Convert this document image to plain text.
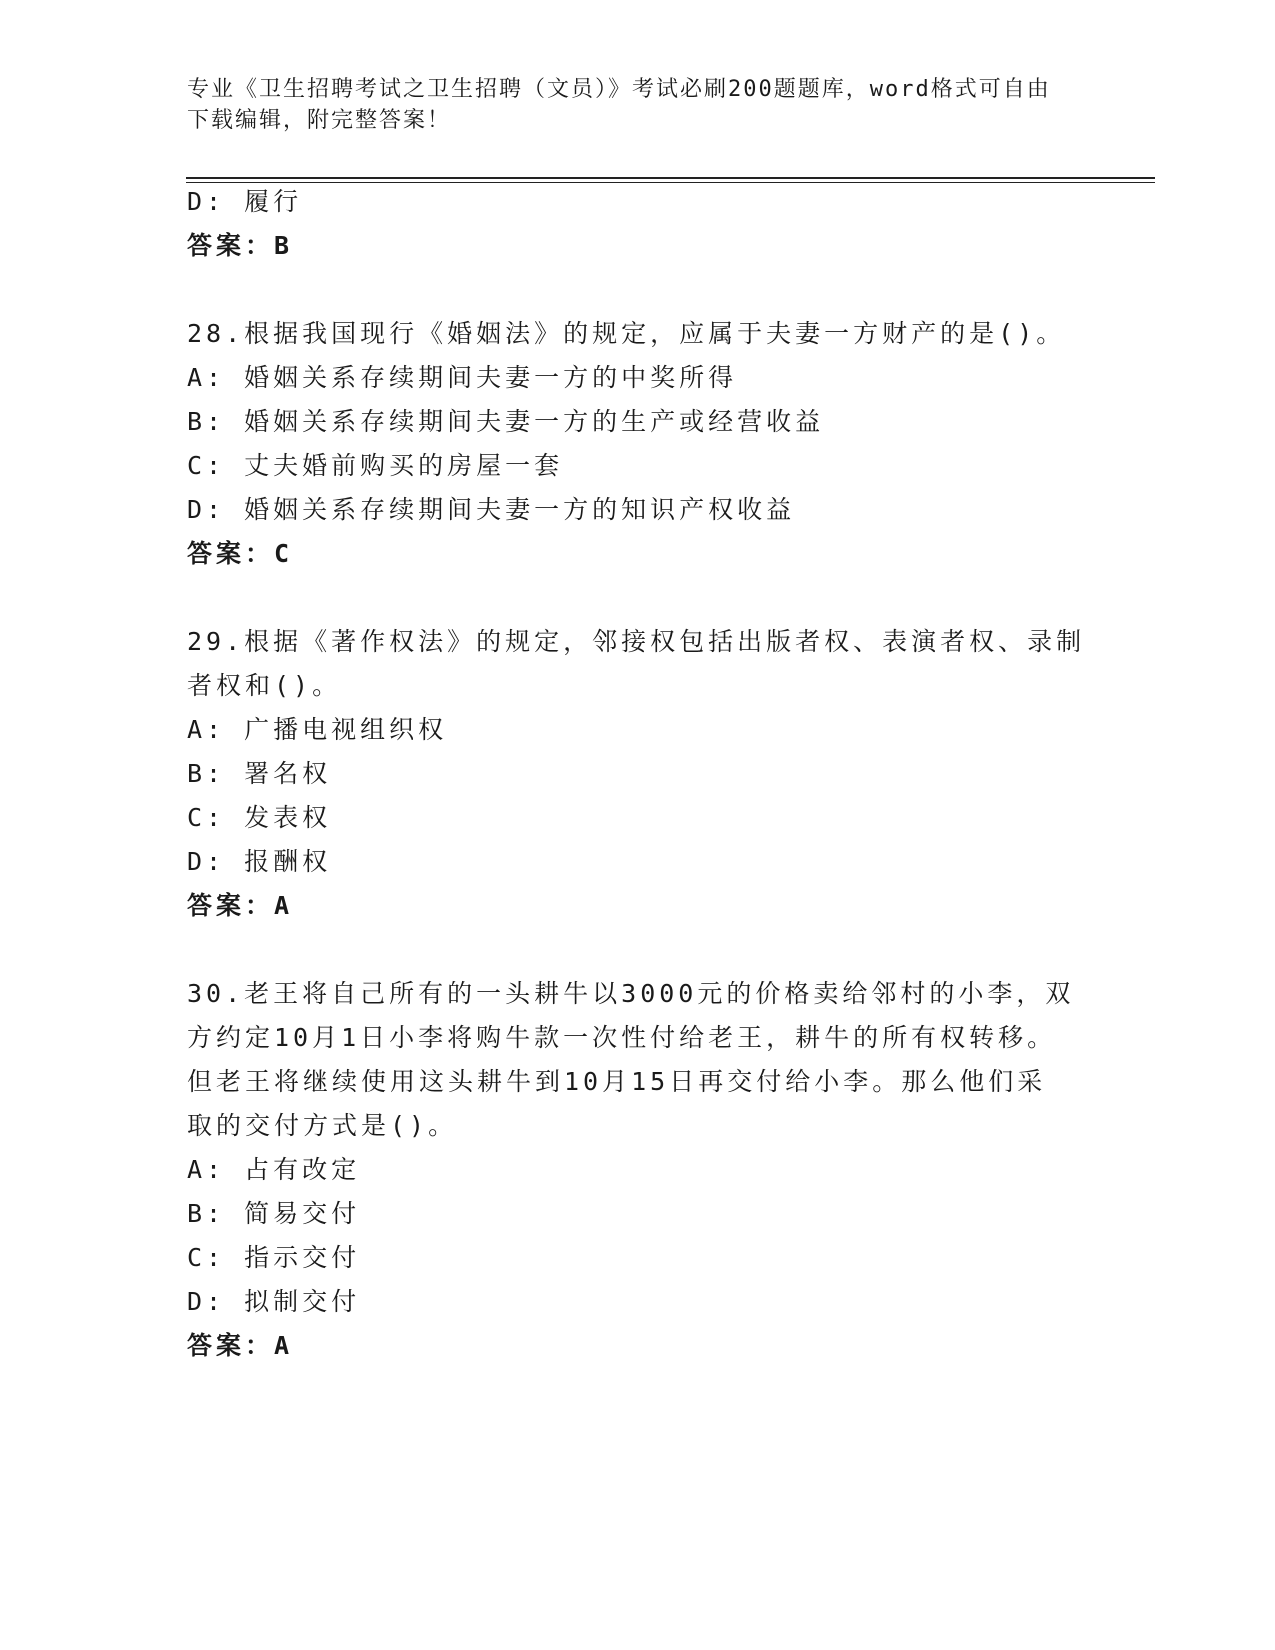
专业《卫生招聘考试之卫生招聘（文员）》考试必刷200题题库，word格式可自由下载编辑，附完整答案！
D: 履行
答案：B
28.根据我国现行《婚姻法》的规定，应属于夫妻一方财产的是()。
A: 婚姻关系存续期间夫妻一方的中奖所得
B: 婚姻关系存续期间夫妻一方的生产或经营收益
C: 丈夫婚前购买的房屋一套
D: 婚姻关系存续期间夫妻一方的知识产权收益
答案：C
29.根据《著作权法》的规定，邻接权包括出版者权、表演者权、录制
者权和()。
A: 广播电视组织权
B: 署名权
C: 发表权
D: 报酬权
答案：A
30.老王将自己所有的一头耕牛以3000元的价格卖给邻村的小李，双
方约定10月1日小李将购牛款一次性付给老王，耕牛的所有权转移。
但老王将继续使用这头耕牛到10月15日再交付给小李。那么他们采
取的交付方式是()。
A: 占有改定
B: 简易交付
C: 指示交付
D: 拟制交付
答案：A
